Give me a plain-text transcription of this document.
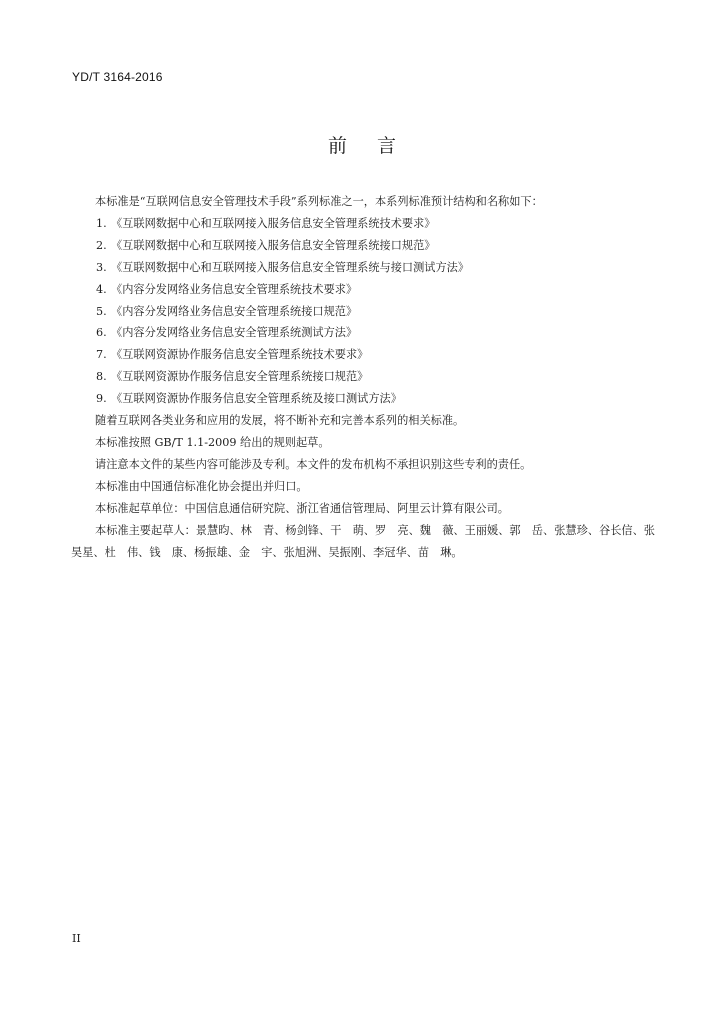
YD/T 3164-2016
前言

本标准是“互联网信息安全管理技术手段”系列标准之一，本系列标准预计结构和名称如下：

1. 《互联网数据中心和互联网接入服务信息安全管理系统技术要求》
2. 《互联网数据中心和互联网接入服务信息安全管理系统接口规范》
3. 《互联网数据中心和互联网接入服务信息安全管理系统与接口测试方法》
4. 《内容分发网络业务信息安全管理系统技术要求》
5. 《内容分发网络业务信息安全管理系统接口规范》
6. 《内容分发网络业务信息安全管理系统测试方法》
7. 《互联网资源协作服务信息安全管理系统技术要求》
8. 《互联网资源协作服务信息安全管理系统接口规范》
9. 《互联网资源协作服务信息安全管理系统及接口测试方法》

随着互联网各类业务和应用的发展，将不断补充和完善本系列的相关标准。

本标准按照 GB/T 1.1-2009 给出的规则起草。

请注意本文件的某些内容可能涉及专利。本文件的发布机构不承担识别这些专利的责任。

本标准由中国通信标准化协会提出并归口。

本标准起草单位：中国信息通信研究院、浙江省通信管理局、阿里云计算有限公司。

本标准主要起草人：景慧昀、林　青、杨剑锋、干　萌、罗　亮、魏　薇、王丽媛、郭　岳、张慧珍、谷长信、张昊星、杜　伟、钱　康、杨振雄、金　宇、张旭洲、吴振刚、李冠华、苗　琳。

II
